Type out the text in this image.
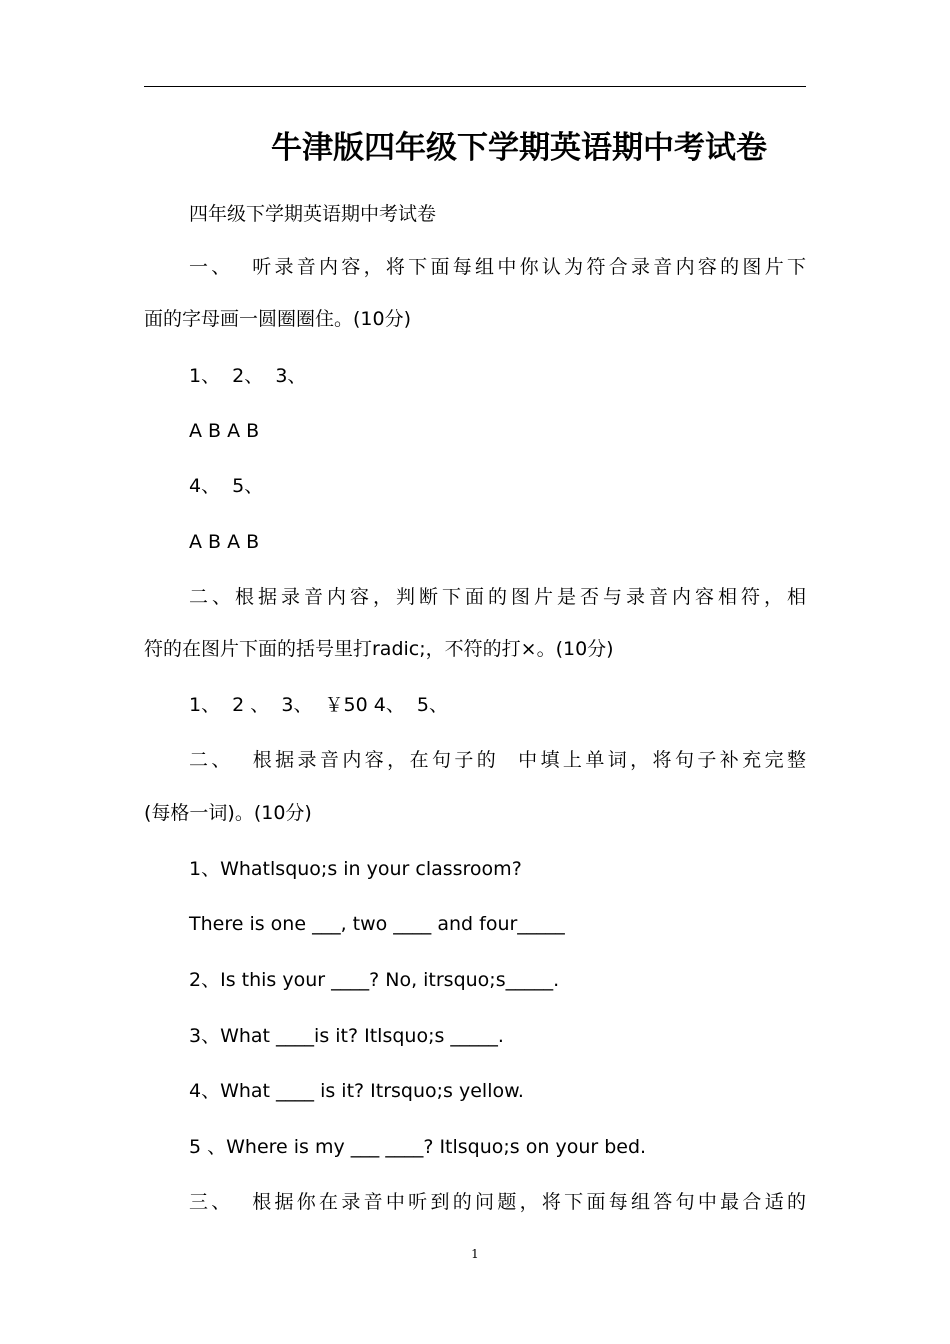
牛津版四年级下学期英语期中考试卷
四年级下学期英语期中考试卷
一、  听录音内容，将下面每组中你认为符合录音内容的图片下
面的字母画一圆圈圈住。(10分)
1、  2、  3、
A B A B
4、  5、
A B A B
二、根据录音内容，判断下面的图片是否与录音内容相符，相
符的在图片下面的括号里打radic;，不符的打×。(10分)
1、  2 、  3、  ￥50 4、  5、
二、  根据录音内容，在句子的  中填上单词，将句子补充完整
(每格一词)。(10分)
1、Whatlsquo;s in your classroom?
There is one ___, two ____ and four_____
2、Is this your ____? No, itrsquo;s_____.
3、What ____is it? Itlsquo;s _____.
4、What ____ is it? Itrsquo;s yellow.
5 、Where is my ___ ____? Itlsquo;s on your bed.
三、  根据你在录音中听到的问题，将下面每组答句中最合适的
1
